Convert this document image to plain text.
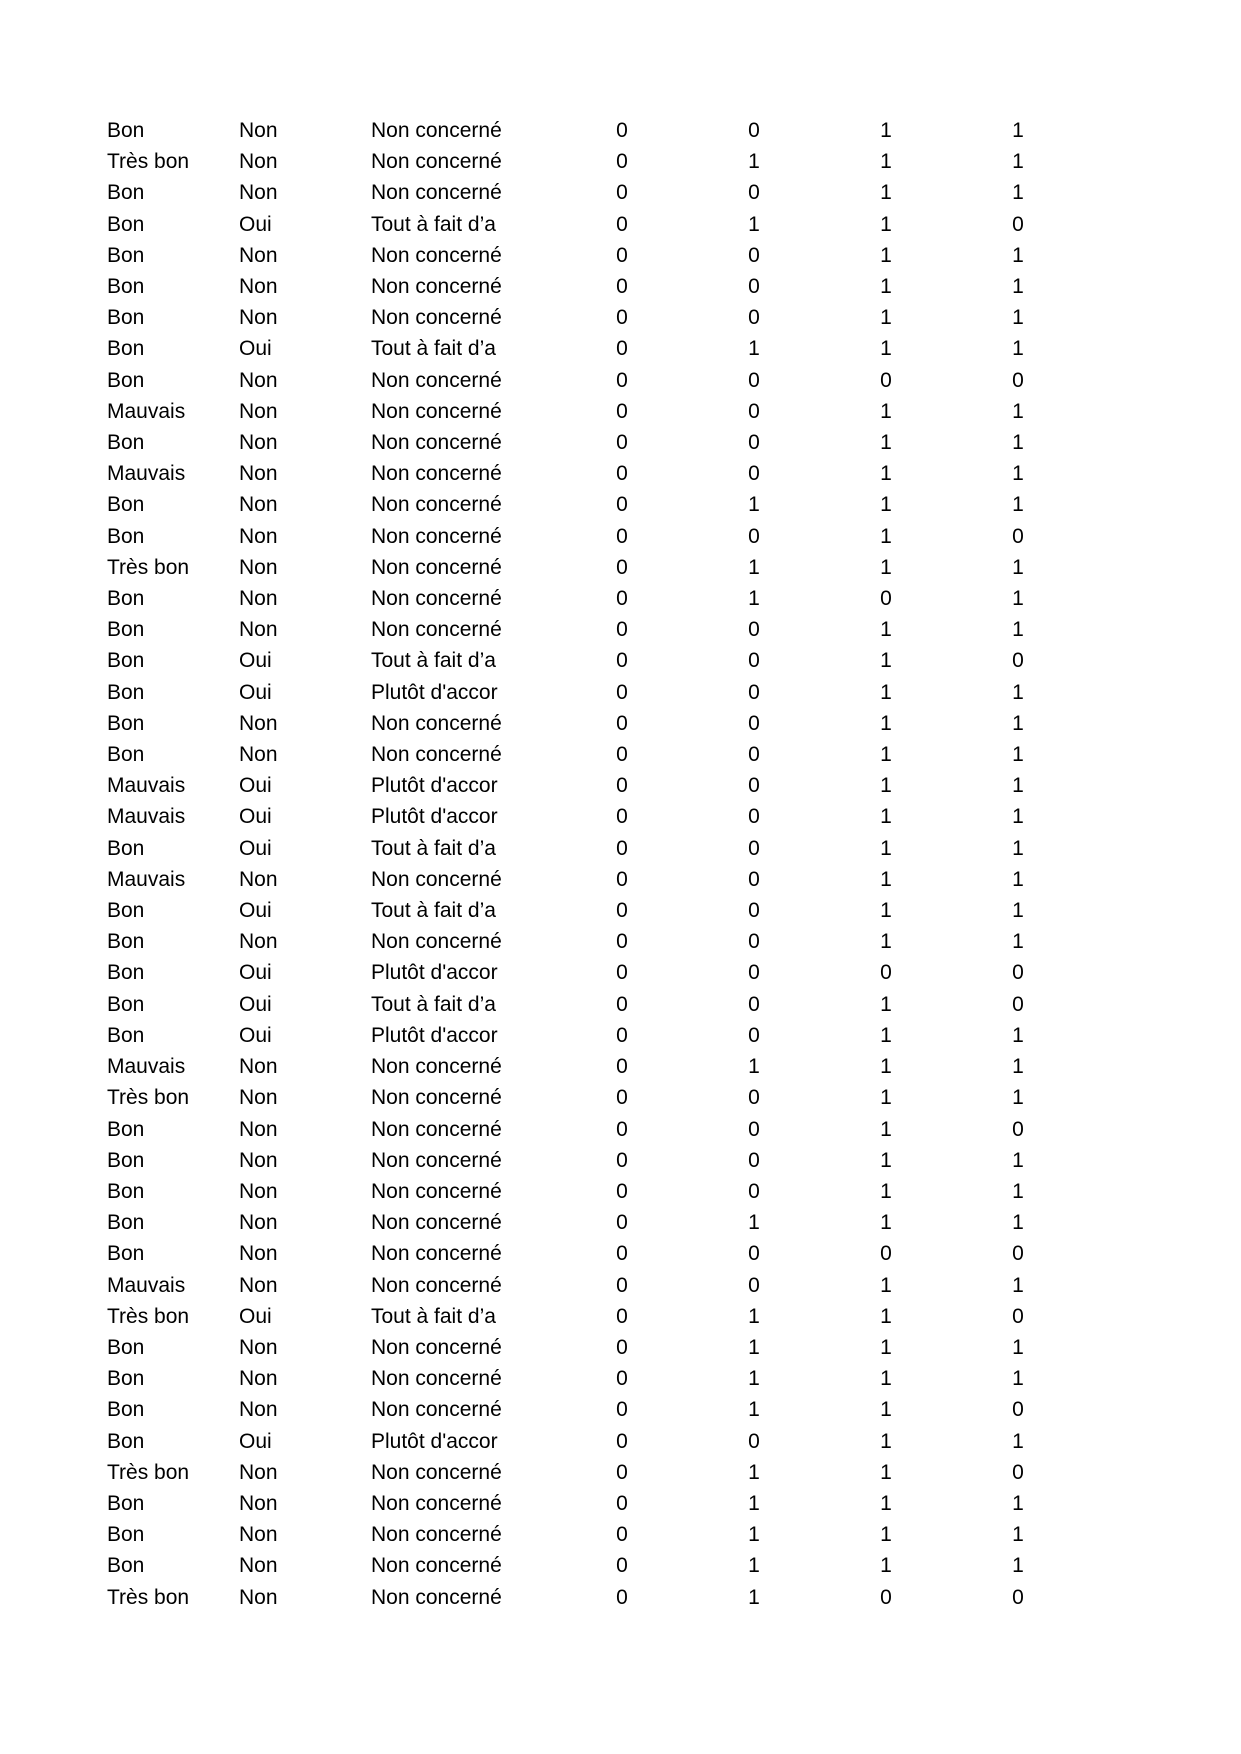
	Bon	Non	Non concerné	0	0	1	1
	Très bon	Non	Non concerné	0	1	1	1
	Bon	Non	Non concerné	0	0	1	1
	Bon	Oui	Tout à fait d’a	0	1	1	0
	Bon	Non	Non concerné	0	0	1	1
	Bon	Non	Non concerné	0	0	1	1
	Bon	Non	Non concerné	0	0	1	1
	Bon	Oui	Tout à fait d’a	0	1	1	1
	Bon	Non	Non concerné	0	0	0	0
	Mauvais	Non	Non concerné	0	0	1	1
	Bon	Non	Non concerné	0	0	1	1
	Mauvais	Non	Non concerné	0	0	1	1
	Bon	Non	Non concerné	0	1	1	1
	Bon	Non	Non concerné	0	0	1	0
	Très bon	Non	Non concerné	0	1	1	1
	Bon	Non	Non concerné	0	1	0	1
	Bon	Non	Non concerné	0	0	1	1
	Bon	Oui	Tout à fait d’a	0	0	1	0
	Bon	Oui	Plutôt d'accor	0	0	1	1
	Bon	Non	Non concerné	0	0	1	1
	Bon	Non	Non concerné	0	0	1	1
	Mauvais	Oui	Plutôt d'accor	0	0	1	1
	Mauvais	Oui	Plutôt d'accor	0	0	1	1
	Bon	Oui	Tout à fait d’a	0	0	1	1
	Mauvais	Non	Non concerné	0	0	1	1
	Bon	Oui	Tout à fait d’a	0	0	1	1
	Bon	Non	Non concerné	0	0	1	1
	Bon	Oui	Plutôt d'accor	0	0	0	0
	Bon	Oui	Tout à fait d’a	0	0	1	0
	Bon	Oui	Plutôt d'accor	0	0	1	1
	Mauvais	Non	Non concerné	0	1	1	1
	Très bon	Non	Non concerné	0	0	1	1
	Bon	Non	Non concerné	0	0	1	0
	Bon	Non	Non concerné	0	0	1	1
	Bon	Non	Non concerné	0	0	1	1
	Bon	Non	Non concerné	0	1	1	1
	Bon	Non	Non concerné	0	0	0	0
	Mauvais	Non	Non concerné	0	0	1	1
	Très bon	Oui	Tout à fait d’a	0	1	1	0
	Bon	Non	Non concerné	0	1	1	1
	Bon	Non	Non concerné	0	1	1	1
	Bon	Non	Non concerné	0	1	1	0
	Bon	Oui	Plutôt d'accor	0	0	1	1
	Très bon	Non	Non concerné	0	1	1	0
	Bon	Non	Non concerné	0	1	1	1
	Bon	Non	Non concerné	0	1	1	1
	Bon	Non	Non concerné	0	1	1	1
	Très bon	Non	Non concerné	0	1	0	0
